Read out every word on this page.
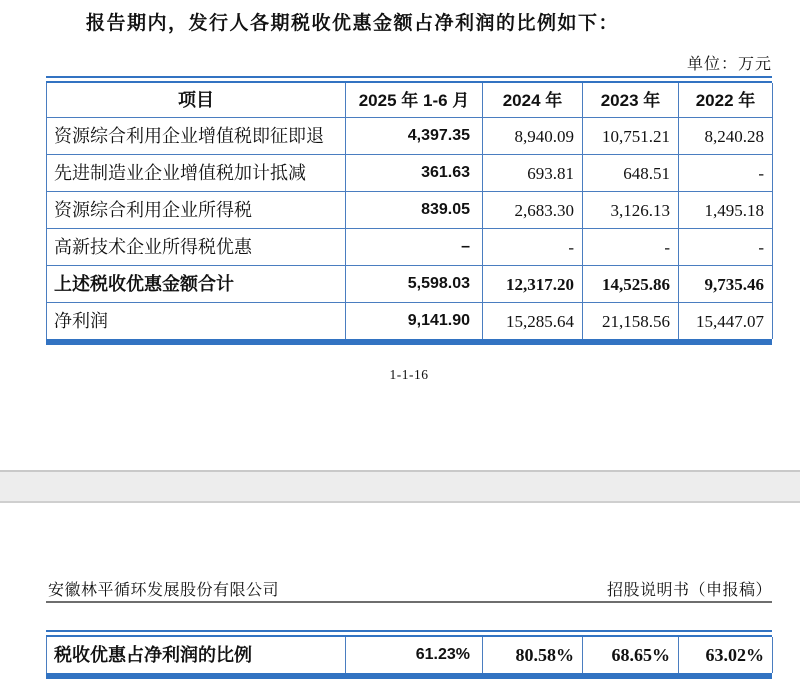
报告期内，发行人各期税收优惠金额占净利润的比例如下：
单位：万元
项目	2025 年 1-6 月	2024 年	2023 年	2022 年
资源综合利用企业增值税即征即退	4,397.35	8,940.09	10,751.21	8,240.28
先进制造业企业增值税加计抵减	361.63	693.81	648.51	-
资源综合利用企业所得税	839.05	2,683.30	3,126.13	1,495.18
高新技术企业所得税优惠	–	-	-	-
上述税收优惠金额合计	5,598.03	12,317.20	14,525.86	9,735.46
净利润	9,141.90	15,285.64	21,158.56	15,447.07
1-1-16
安徽林平循环发展股份有限公司	招股说明书（申报稿）
税收优惠占净利润的比例	61.23%	80.58%	68.65%	63.02%
